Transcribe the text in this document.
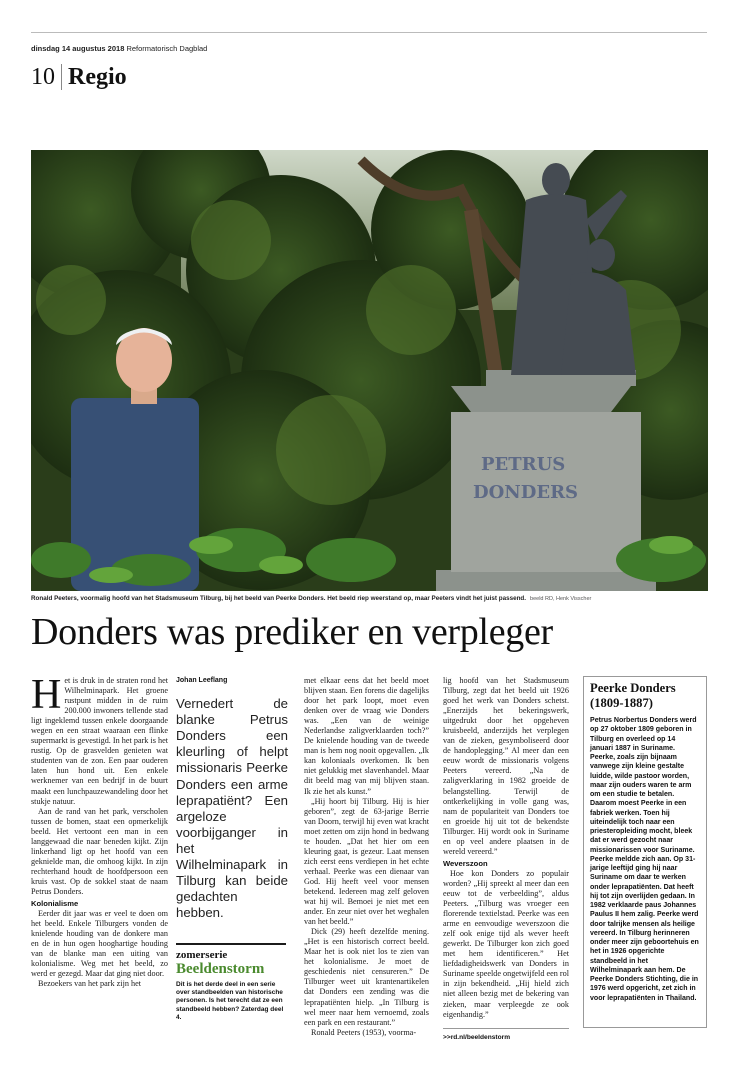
dinsdag 14 augustus 2018 Reformatorisch Dagblad
10 Regio
PETRUS
DONDERS
Ronald Peeters, voormalig hoofd van het Stadsmuseum Tilburg, bij het beeld van Peerke Donders. Het beeld riep weerstand op, maar Peeters vindt het juist passend. beeld RD, Henk Visscher
Donders was prediker en verpleger
H et is druk in de straten rond het Wilhelminapark. Het groene rustpunt midden in de ruim 200.000 inwoners tellende stad ligt ingeklemd tussen enkele doorgaande wegen en een straat waaraan een flinke supermarkt is gevestigd. In het park is het rustig. Op de grasvelden genieten wat studenten van de zon. Een paar ouderen laten hun hond uit. Een enkele werknemer van een bedrijf in de buurt maakt een lunchpauzewandeling door het stukje natuur.

Aan de rand van het park, verscholen tussen de bomen, staat een opmerkelijk beeld. Het vertoont een man in een langgewaad die naar beneden kijkt. Zijn linkerhand ligt op het hoofd van een geknielde man, die omhoog kijkt. In zijn rechterhand houdt de hoofdpersoon een kruis vast. Op de sokkel staat de naam Petrus Donders.

Kolonialisme

Eerder dit jaar was er veel te doen om het beeld. Enkele Tilburgers vonden de knielende houding van de donkere man en de in hun ogen hooghartige houding van de blanke man een uiting van kolonialisme. Weg met het beeld, zo werd er gezegd. Maar dat ging niet door.

Bezoekers van het park zijn het

Johan Leeflang
Vernedert de blanke Petrus Donders een kleurling of helpt missionaris Peerke Donders een arme leprapatiënt? Een argeloze voorbijganger in het Wilhelminapark in Tilburg kan beide gedachten hebben.
zomerserie
Beeldenstorm
Dit is het derde deel in een serie over standbeelden van historische personen. Is het terecht dat ze een standbeeld hebben? Zaterdag deel 4.

met elkaar eens dat het beeld moet blijven staan. Een forens die dagelijks door het park loopt, moet even denken over de vraag wie Donders was. „Een van de weinige Nederlandse zaligverklaarden toch?” De knielende houding van de tweede man is hem nog nooit opgevallen. „Ik kan koloniaals overkomen. Ik ben niet gelukkig met slavenhandel. Maar dit beeld mag van mij blijven staan. Ik zie het als kunst.”

„Hij hoort bij Tilburg. Hij is hier geboren”, zegt de 63-jarige Berrie van Doorn, terwijl hij even wat kracht moet zetten om zijn hond in bedwang te houden. „Dat het hier om een kleuring gaat, is gezeur. Laat mensen zich eerst eens verdiepen in het echte verhaal. Peerke was een dienaar van God. Hij heeft veel voor mensen betekend. Iedereen mag zelf geloven wat hij wil. Bemoei je niet met een ander. En zeur niet over het weghalen van het beeld.”

Dick (29) heeft dezelfde mening. „Het is een historisch correct beeld. Maar het is ook niet los te zien van het kolonialisme. Je moet de geschiedenis niet censureren.” De Tilburger weet uit krantenartikelen dat Donders een zending was die leprapatiënten hielp. „In Tilburg is wel meer naar hem vernoemd, zoals een park en een restaurant.”

Ronald Peeters (1953), voorma-

lig hoofd van het Stadsmuseum Tilburg, zegt dat het beeld uit 1926 goed het werk van Donders schetst. „Enerzijds het bekeringswerk, uitgedrukt door het opgeheven kruisbeeld, anderzijds het verplegen van de zieken, gesymboliseerd door de handoplegging.” Al meer dan een eeuw wordt de missionaris volgens Peeters vereerd. „Na de zaligverklaring in 1982 groeide de belangstelling. Terwijl de ontkerkelijking in volle gang was, nam de populariteit van Donders toe en groeide hij uit tot de bekendste Tilburger. Hij wordt ook in Suriname en op veel andere plaatsen in de wereld vereerd.”

Weverszoon

Hoe kon Donders zo populair worden? „Hij spreekt al meer dan een eeuw tot de verbeelding”, aldus Peeters. „Tilburg was vroeger een florerende textielstad. Peerke was een arme en eenvoudige weverszoon die zelf ook enige tijd als wever heeft gewerkt. De Tilburger kon zich goed met hem identificeren.” Het liefdadigheidswerk van Donders in Suriname speelde ongetwijfeld een rol in zijn bekendheid. „Hij hield zich niet alleen bezig met de bekering van zieken, maar verpleegde ze ook eigenhandig.”

>>rd.nl/beeldenstorm
Peerke Donders (1809-1887)
Petrus Norbertus Donders werd op 27 oktober 1809 geboren in Tilburg en overleed op 14 januari 1887 in Suriname. Peerke, zoals zijn bijnaam vanwege zijn kleine gestalte luidde, wilde pastoor worden, maar zijn ouders waren te arm om een studie te betalen. Daarom moest Peerke in een fabriek werken. Toen hij uiteindelijk toch naar een priesteropleiding mocht, bleek dat er werd gezocht naar missionarissen voor Suriname. Peerke meldde zich aan. Op 31-jarige leeftijd ging hij naar Suriname om daar te werken onder leprapatiënten. Dat heeft hij tot zijn overlijden gedaan. In 1982 verklaarde paus Johannes Paulus II hem zalig. Peerke werd door talrijke mensen als heilige vereerd. In Tilburg herinneren onder meer zijn geboortehuis en het in 1926 opgerichte standbeeld in het Wilhelminapark aan hem. De Peerke Donders Stichting, die in 1976 werd opgericht, zet zich in voor leprapatiënten in Thailand.
